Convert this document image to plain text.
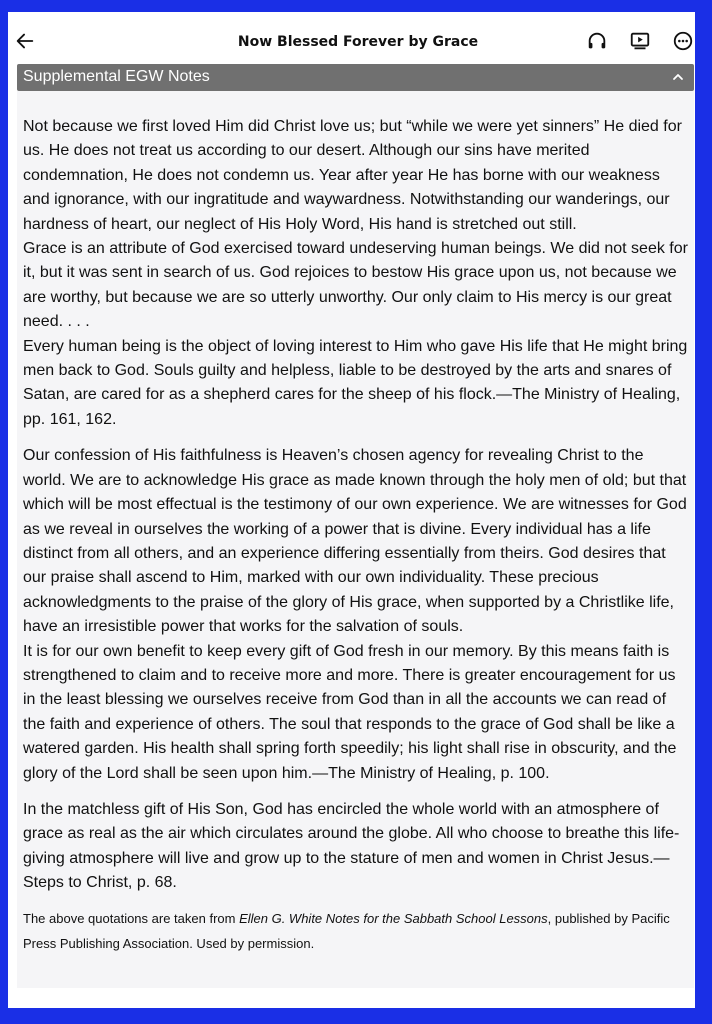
Now Blessed Forever by Grace
Supplemental EGW Notes
Not because we first loved Him did Christ love us; but “while we were yet sinners” He died for us. He does not treat us according to our desert. Although our sins have merited condemnation, He does not condemn us. Year after year He has borne with our weakness and ignorance, with our ingratitude and waywardness. Notwithstanding our wanderings, our hardness of heart, our neglect of His Holy Word, His hand is stretched out still.
Grace is an attribute of God exercised toward undeserving human beings. We did not seek for it, but it was sent in search of us. God rejoices to bestow His grace upon us, not because we are worthy, but because we are so utterly unworthy. Our only claim to His mercy is our great need. . . .
Every human being is the object of loving interest to Him who gave His life that He might bring men back to God. Souls guilty and helpless, liable to be destroyed by the arts and snares of Satan, are cared for as a shepherd cares for the sheep of his flock.—The Ministry of Healing, pp. 161, 162.
Our confession of His faithfulness is Heaven’s chosen agency for revealing Christ to the world. We are to acknowledge His grace as made known through the holy men of old; but that which will be most effectual is the testimony of our own experience. We are witnesses for God as we reveal in ourselves the working of a power that is divine. Every individual has a life distinct from all others, and an experience differing essentially from theirs. God desires that our praise shall ascend to Him, marked with our own individuality. These precious acknowledgments to the praise of the glory of His grace, when supported by a Christlike life, have an irresistible power that works for the salvation of souls.
It is for our own benefit to keep every gift of God fresh in our memory. By this means faith is strengthened to claim and to receive more and more. There is greater encouragement for us in the least blessing we ourselves receive from God than in all the accounts we can read of the faith and experience of others. The soul that responds to the grace of God shall be like a watered garden. His health shall spring forth speedily; his light shall rise in obscurity, and the glory of the Lord shall be seen upon him.—The Ministry of Healing, p. 100.
In the matchless gift of His Son, God has encircled the whole world with an atmosphere of grace as real as the air which circulates around the globe. All who choose to breathe this life-giving atmosphere will live and grow up to the stature of men and women in Christ Jesus.—Steps to Christ, p. 68.
The above quotations are taken from Ellen G. White Notes for the Sabbath School Lessons, published by Pacific Press Publishing Association. Used by permission.
